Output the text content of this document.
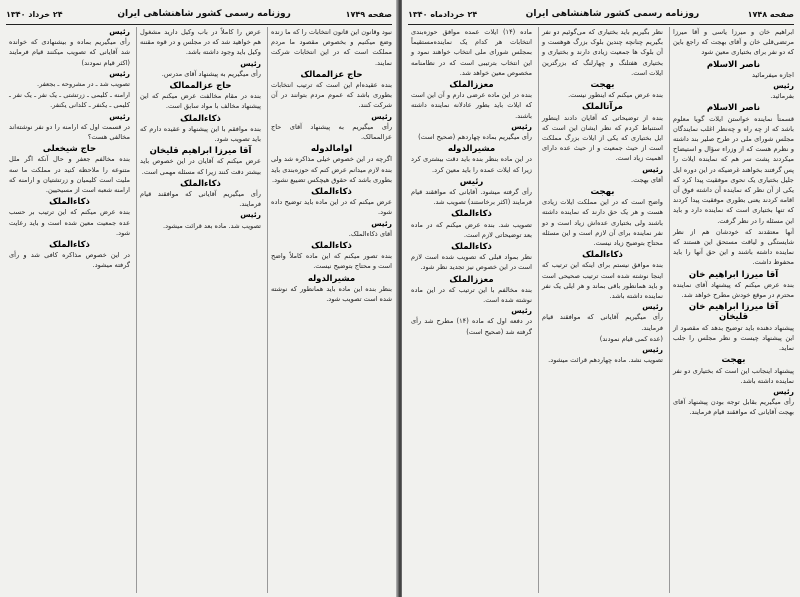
صفحه ۱۷۴۹
روزنامه رسمی کشور شاهنشاهی ایران
۲۴ خرداد ۱۳۴۰

نبود وقانون این قانون انتخابات را که ما زنده وضع میکنیم و بخصوص مقصود ما مردم مملکت است که در این انتخابات شرکت نمایند.

حاج عزالممالک

بنده عقیده‌ام این است که ترتیب انتخابات بطوری باشد که عموم مردم بتوانند در آن شرکت کنند.

رئیس

رأی میگیریم به پیشنهاد آقای حاج عزالممالک.

اوامالدوله

اگرچه در این خصوص خیلی مذاکره شد ولی بنده لازم میدانم عرض کنم که حوزه‌بندی باید بطوری باشد که حقوق هیچکس تضییع نشود.

ذکاءالملک

عرض میکنم که در این ماده باید توضیح داده شود.

رئیس

آقای ذکاءالملک.

ذکاءالملک

بنده تصور میکنم که این ماده کاملاً واضح است و محتاج بتوضیح نیست.

مشیرالدوله

بنظر بنده این ماده باید همانطور که نوشته شده است تصویب شود.

عرض را کاملاً در باب وکیل دارید مشغول هم خواهید شد که در مجلس و در قوه مقننه وکیل باید وجود داشته باشد.

رئیس

رأی میگیریم به پیشنهاد آقای مدرس.

حاج عزالممالک

بنده در مقام مخالفت عرض میکنم که این پیشنهاد مخالف با مواد سابق است.

ذکاءالملک

بنده موافقم با این پیشنهاد و عقیده دارم که باید تصویب شود.

آقا میرزا ابراهیم قلیخان

عرض میکنم که آقایان در این خصوص باید بیشتر دقت کنند زیرا که مسئله مهمی است.

ذکاءالملک

رأی میگیریم آقایانی که موافقند قیام فرمایند.

رئیس

تصویب شد. ماده بعد قرائت میشود.

رئیس

رأی میگیریم بماده و بیشنهادی که خوانده شد آقایانی که تصویب میکنند قیام فرمایند (اکثر قیام نمودند)

رئیس

تصویب شد ـ در مشروحه ـ بجعفر.

ارامنه ـ کلیمی ـ زرتشتی ـ یک نفر ـ یک نفر ـ کلیمی ـ یکنفر ـ کلدانی یکنفر.

رئیس

در قسمت اول که ارامنه را دو نفر نوشته‌اند مخالفی هست؟

حاج شیخعلی

بنده مخالفم جعفر و حال آنکه اگر ملل متنوعه را ملاحظه کنید در مملکت ما سه ملیت است کلیمیان و زرتشتیان و ارامنه که ارامنه شعبه است از مسیحیین.

ذکاءالملک

بنده عرض میکنم که این ترتیب بر حسب عده جمعیت معین شده است و باید رعایت شود.

ذکاءالملک

در این خصوص مذاکره کافی شد و رأی گرفته میشود.

صفحه ۱۷۴۸
روزنامه رسمی کشور شاهنشاهی ایران
۲۴ خردادماه ۱۳۴۰

ابراهیم خان و میرزا یاسی و آقا میرزا مرتضی‌قلی خان و آقای بهجت که راجع باین که دو نفر برای بختیاری معین شود

ناصر الاسلام

اجازه میفرمائید

رئیس

بفرمائید.

ناصر الاسلام

قسمتاً نماینده خواستن ایلات گویا معلوم باشد که از چه راه و چه‌نظر اغلب نمایندگان مجلس شورای ملی در طرح صلیر بند داشته و نظرم هست که از وزراء سؤال و استیضاح میکردند پشت سر هم که نماینده ایلات را پس گرفتند بخواهند غرضیکه در این دوره ایل جلیل بختیاری یک نحوی موفقیت پیدا کرد که یکی از آن نظر که نماینده آن داشته فوق آن اقامه کردند یعنی بطوری موفقیت پیدا کردند که تنها بختیاری است که نماینده دارد و باید این مسئله را در نظر گرفت.

آنها معتقدند که خودشان هم از نظر شایستگی و لیاقت مستحق این هستند که نماینده داشته باشند و این حق آنها را باید محفوظ داشت.

آقا میرزا ابراهیم خان

بنده عرض میکنم که پیشنهاد آقای نماینده محترم در موقع خودش مطرح خواهد شد.

آقا میرزا ابراهیم خان قلیخان

پیشنهاد دهنده باید توضیح بدهد که مقصود از این پیشنهاد چیست و نظر مجلس را جلب نماید.

بهجت

پیشنهاد اینجانب این است که بختیاری دو نفر نماینده داشته باشد.

رئیس

رأی میگیریم بقابل توجه بودن پیشنهاد آقای بهجت آقایانی که موافقند قیام فرمایند.

نظر بگیریم باید بختیاری که می‌گوئیم دو نفر بگیریم چنانچه چندین بلوک بزرگ هوهست و آن بلوک ها جمعیت زیادی دارند و بختیاری و بختیاری هفتلنگ و چهارلنگ که بزرگترین ایلات است.

بهجت

بنده عرض میکنم که اینطور نیست.

مرآتالملک

بنده از توضیحاتی که آقایان دادند اینطور استنباط کردم که نظر ایشان این است که ایل بختیاری که یکی از ایلات بزرگ مملکت است از حیث جمعیت و از حیث عده دارای اهمیت زیاد است.

رئیس

آقای بهجت.

بهجت

واضح است که در این مملکت ایلات زیادی هست و هر یک حق دارند که نماینده داشته باشند ولی بختیاری عده‌اش زیاد است و دو نفر نماینده برای آن لازم است و این مسئله محتاج بتوضیح زیاد نیست.

ذکاءالملک

بنده موافق نیستم برای اینکه این ترتیب که اینجا نوشته شده است ترتیب صحیحی است و باید همانطور باقی بماند و هر ایلی یک نفر نماینده داشته باشد.

رئیس

رأی میگیریم آقایانی که موافقند قیام فرمایند.

(عده کمی قیام نمودند)

رئیس

تصویب نشد. ماده چهاردهم قرائت میشود.

ماده (۱۴) ایلات عمده موافق حوزه‌بندی انتخابات هر کدام یک نماینده‌مستقیماً بمجلس شورای ملی انتخاب خواهند نمود و این انتخاب بترتیبی است که در نظامنامه مخصوص معین خواهد شد.

معززالملک

بنده در این ماده عرضی دارم و آن این است که ایلات باید بطور عادلانه نماینده داشته باشند.

رئیس

رأی میگیریم بماده چهاردهم (صحیح است)

مشیرالدوله

در این ماده بنظر بنده باید دقت بیشتری کرد زیرا که ایلات عمده را باید معین کرد.

رئیس

رأی گرفته میشود. آقایانی که موافقند قیام فرمایند (اکثر برخاستند) تصویب شد.

ذکاءالملک

تصویب شد. بنده عرض میکنم که در ماده بعد توضیحاتی لازم است.

ذکاءالملک

نظر بمواد قبلی که تصویب شده است لازم است در این خصوص نیز تجدید نظر شود.

معززالملک

بنده مخالفم با این ترتیب که در این ماده نوشته شده است.

رئیس

در دفعه اول که ماده (۱۴) مطرح شد رأی گرفته شد (صحیح است)
